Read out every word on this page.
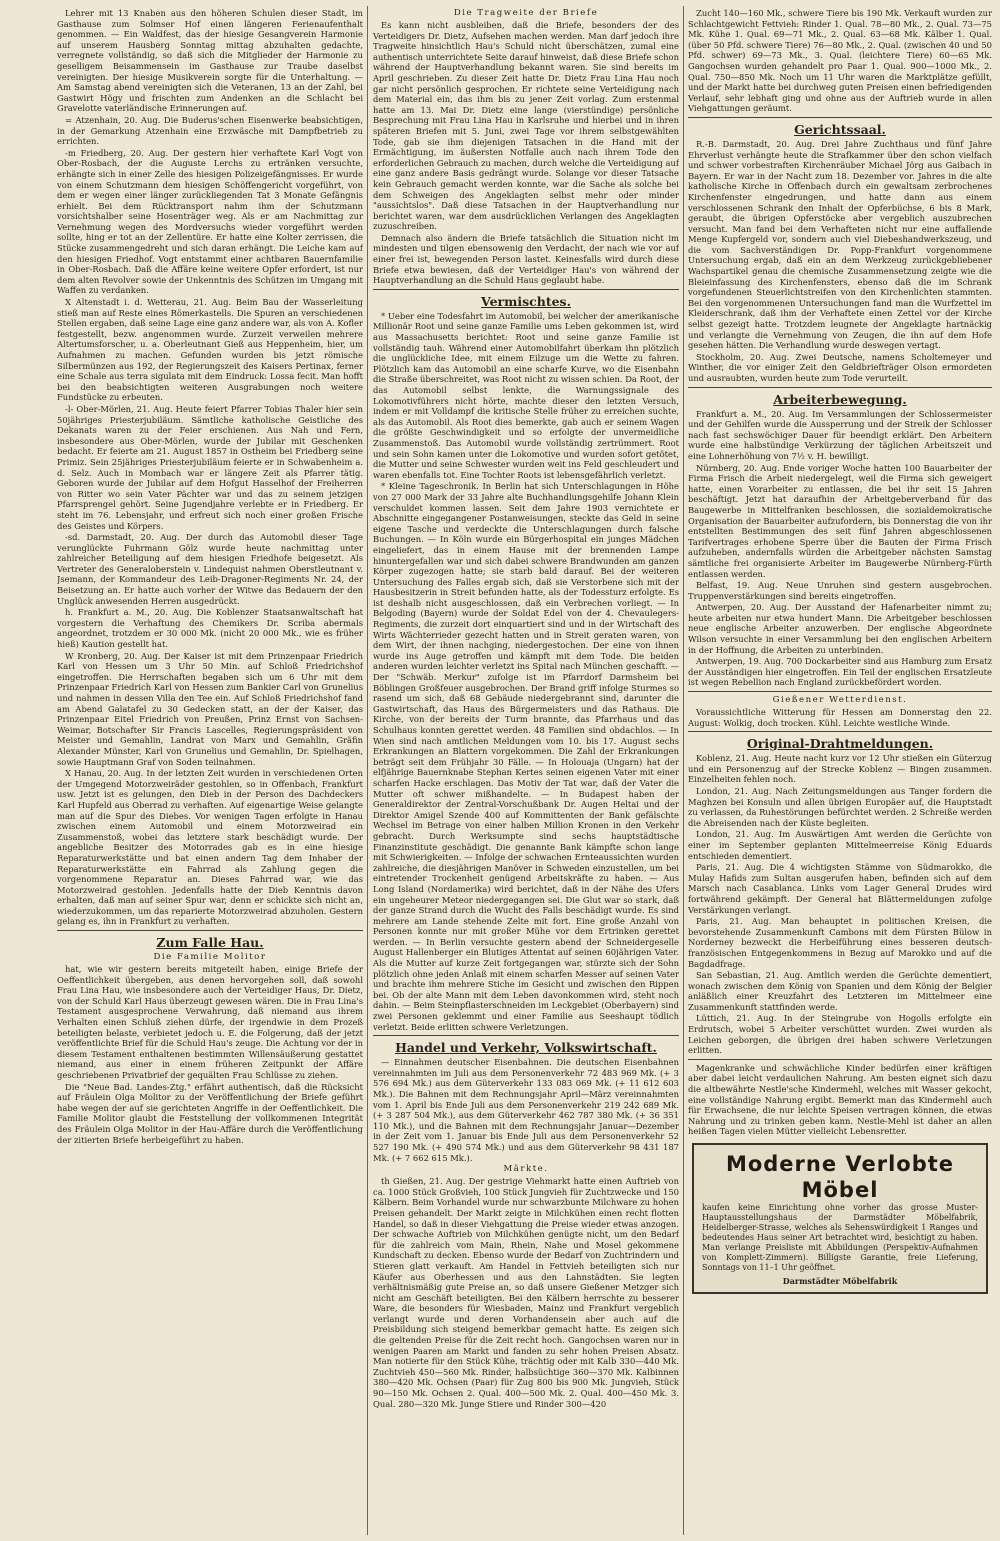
Lehrer mit 13 Knaben aus den höheren Schulen dieser Stadt, im Gasthause zum Solmser Hof einen längeren Ferienaufenthalt genommen. — Ein Waldfest, das der hiesige Gesangverein Harmonie auf unserem Hausberg Sonntag mittag abzuhalten gedachte, verregnete vollständig, so daß sich die Mitglieder der Harmonie zu geselligem Beisammensein im Gasthause zur Traube daselbst vereinigten. Der hiesige Musikverein sorgte für die Unterhaltung. — Am Samstag abend vereinigten sich die Veteranen, 13 an der Zahl, bei Gastwirt Högy und frischten zum Andenken an die Schlacht bei Gravelotte vaterländische Erinnerungen auf.

= Atzenhain, 20. Aug. Die Buderus'schen Eisenwerke beabsichtigen, in der Gemarkung Atzenhain eine Erzwäsche mit Dampfbetrieb zu errichten.

-m Friedberg, 20. Aug. Der gestern hier verhaftete Karl Vogt von Ober-Rosbach, der die Auguste Lerchs zu ertränken versuchte, erhängte sich in einer Zelle des hiesigen Polizeigefängnisses. Er wurde von einem Schutzmann dem hiesigen Schöffengericht vorgeführt, von dem er wegen einer länger zurückliegenden Tat 3 Monate Gefängnis erhielt. Bei dem Rücktransport nahm ihm der Schutzmann vorsichtshalber seine Hosenträger weg. Als er am Nachmittag zur Vernehmung wegen des Mordversuchs wieder vorgeführt werden sollte, hing er tot an der Zellentüre. Er hatte eine Kolter zerrissen, die Stücke zusammengedreht und sich daran erhängt. Die Leiche kam auf den hiesigen Friedhof. Vogt entstammt einer achtbaren Bauernfamilie in Ober-Rosbach. Daß die Affäre keine weitere Opfer erfordert, ist nur dem alten Revolver sowie der Unkenntnis des Schützen im Umgang mit Waffen zu verdanken.

X Altenstadt i. d. Wetterau, 21. Aug. Beim Bau der Wasserleitung stieß man auf Reste eines Römerkastells. Die Spuren an verschiedenen Stellen ergaben, daß seine Lage eine ganz andere war, als von A. Kofler festgestellt, bezw. angenommen wurde. Zurzeit verweilen mehrere Altertumsforscher, u. a. Oberleutnant Gieß aus Heppenheim, hier, um Aufnahmen zu machen. Gefunden wurden bis jetzt römische Silbermünzen aus 192, der Regierungszeit des Kaisers Pertinax, ferner eine Schale aus terra sigulata mit dem Eindruck: Lossa fecit. Man hofft bei den beabsichtigten weiteren Ausgrabungen noch weitere Fundstücke zu erbeuten.

-l- Ober-Mörlen, 21. Aug. Heute feiert Pfarrer Tobias Thaler hier sein 50jähriges Priesterjubiläum. Sämtliche katholische Geistliche des Dekanats waren zu der Feier erschienen. Aus Nah und Fern, insbesondere aus Ober-Mörlen, wurde der Jubilar mit Geschenken bedacht. Er feierte am 21. August 1857 in Ostheim bei Friedberg seine Primiz. Sein 25jähriges Priesterjubiläum feierte er in Schwabenheim a. d. Selz. Auch in Mombach war er längere Zeit als Pfarrer tätig. Geboren wurde der Jubilar auf dem Hofgut Hasselhof der Freiherren von Ritter wo sein Vater Pächter war und das zu seinem jetzigen Pfarrsprengel gehört. Seine Jugendjahre verlebte er in Friedberg. Er steht im 76. Lebensjahr, und erfreut sich noch einer großen Frische des Geistes und Körpers.

-sd. Darmstadt, 20. Aug. Der durch das Automobil dieser Tage verunglückte Fuhrmann Gölz wurde heute nachmittag unter zahlreicher Beteiligung auf dem hiesigen Friedhofe beigesetzt. Als Vertreter des Generaloberstein v. Lindequist nahmen Oberstleutnant v. Jsemann, der Kommandeur des Leib-Dragoner-Regiments Nr. 24, der Beisetzung an. Er hatte auch vorher der Witwe das Bedauern der den Unglück anwesenden Herren ausgedrückt.

h. Frankfurt a. M., 20. Aug. Die Koblenzer Staatsanwaltschaft hat vorgestern die Verhaftung des Chemikers Dr. Scriba abermals angeordnet, trotzdem er 30 000 Mk. (nicht 20 000 Mk., wie es früher hieß) Kaution gestellt hat.

W Kronberg, 20. Aug. Der Kaiser ist mit dem Prinzenpaar Friedrich Karl von Hessen um 3 Uhr 50 Min. auf Schloß Friedrichshof eingetroffen. Die Herrschaften begaben sich um 6 Uhr mit dem Prinzenpaar Friedrich Karl von Hessen zum Bankier Carl von Grunelius und nahmen in dessen Villa den Tee ein. Auf Schloß Friedrichshof fand am Abend Galatafel zu 30 Gedecken statt, an der der Kaiser, das Prinzenpaar Eitel Friedrich von Preußen, Prinz Ernst von Sachsen-Weimar, Botschafter Sir Francis Lascelles, Regierungspräsident von Meister und Gemahlin, Landrat von Marx und Gemahlin, Gräfin Alexander Münster, Karl von Grunelius und Gemahlin, Dr. Spielhagen, sowie Hauptmann Graf von Soden teilnahmen.

X Hanau, 20. Aug. In der letzten Zeit wurden in verschiedenen Orten der Umgegend Motorzweiräder gestohlen, so in Offenbach, Frankfurt usw. Jetzt ist es gelungen, den Dieb in der Person des Dachdeckers Karl Hupfeld aus Oberrad zu verhaften. Auf eigenartige Weise gelangte man auf die Spur des Diebes. Vor wenigen Tagen erfolgte in Hanau zwischen einem Automobil und einem Motorzweirad ein Zusammenstoß, wobei das letztere stark beschädigt wurde. Der angebliche Besitzer des Motorrades gab es in eine hiesige Reparaturwerkstätte und bat einen andern Tag dem Inhaber der Reparaturwerkstätte ein Fahrrad als Zahlung gegen die vorgenommene Reparatur an. Dieses Fahrrad war, wie das Motorzweirad gestohlen. Jedenfalls hatte der Dieb Kenntnis davon erhalten, daß man auf seiner Spur war, denn er schickte sich nicht an, wiederzukommen, um das reparierte Motorzweirad abzuholen. Gestern gelang es, ihn in Frankfurt zu verhaften.

Zum Falle Hau.
Die Familie Molitor

hat, wie wir gestern bereits mitgeteilt haben, einige Briefe der Oeffentlichkeit übergeben, aus denen hervorgehen soll, daß sowohl Frau Lina Hau, wie insbesondere auch der Verteidiger Haus, Dr. Dietz, von der Schuld Karl Haus überzeugt gewesen wären. Die in Frau Lina's Testament ausgesprochene Verwahrung, daß niemand aus ihrem Verhalten einen Schluß ziehen dürfe, der irgendwie in dem Prozeß beteiligten belaste, verbietet jedoch u. E. die Folgerung, daß der jetzt veröffentlichte Brief für die Schuld Hau's zeuge. Die Achtung vor der in diesem Testament enthaltenen bestimmten Willensäußerung gestattet niemand, aus einer in einem früheren Zeitpunkt der Affäre geschriebenen Privatbrief der gequälten Frau Schlüsse zu ziehen.

Die "Neue Bad. Landes-Ztg." erfährt authentisch, daß die Rücksicht auf Fräulein Olga Molitor zu der Veröffentlichung der Briefe geführt habe wegen der auf sie gerichteten Angriffe in der Oeffentlichkeit. Die Familie Molitor glaubt die Feststellung der vollkommenen Integrität des Fräulein Olga Molitor in der Hau-Affäre durch die Veröffentlichung der zitierten Briefe herbeigeführt zu haben.

Die Tragweite der Briefe

Es kann nicht ausbleiben, daß die Briefe, besonders der des Verteidigers Dr. Dietz, Aufsehen machen werden. Man darf jedoch ihre Tragweite hinsichtlich Hau's Schuld nicht überschätzen, zumal eine authentisch unterrichtete Seite darauf hinweist, daß diese Briefe schon während der Hauptverhandlung bekannt waren. Sie sind bereits im April geschrieben. Zu dieser Zeit hatte Dr. Dietz Frau Lina Hau noch gar nicht persönlich gesprochen. Er richtete seine Verteidigung nach dem Material ein, das ihm bis zu jener Zeit vorlag. Zum erstenmal hatte am 13. Mai Dr. Dietz eine lange (vierstündige) persönliche Besprechung mit Frau Lina Hau in Karlsruhe und hierbei und in ihren späteren Briefen mit 5. Juni, zwei Tage vor ihrem selbstgewählten Tode, gab sie ihm diejenigen Tatsachen in die Hand mit der Ermächtigung, im äußersten Notfalle auch nach ihrem Tode den erforderlichen Gebrauch zu machen, durch welche die Verteidigung auf eine ganz andere Basis gedrängt wurde. Solange vor dieser Tatsache kein Gebrauch gemacht werden konnte, war die Sache als solche bei dem Schweigen des Angeklagten selbst mehr oder minder "aussichtslos". Daß diese Tatsachen in der Hauptverhandlung nur berichtet waren, war dem ausdrücklichen Verlangen des Angeklagten zuzuschreiben.

Demnach also ändern die Briefe tatsächlich die Situation nicht im mindesten und tilgen ebensowenig den Verdacht, der nach wie vor auf einer frei ist, bewegenden Person lastet. Keinesfalls wird durch diese Briefe etwa bewiesen, daß der Verteidiger Hau's von während der Hauptverhandlung an die Schuld Haus geglaubt habe.

Vermischtes.

* Ueber eine Todesfahrt im Automobil, bei welcher der amerikanische Millionär Root und seine ganze Familie ums Leben gekommen ist, wird aus Massachusetts berichtet: Root und seine ganze Familie ist vollständig tauh. Während einer Automobilfahrt überkam ihn plötzlich die unglückliche Idee, mit einem Eilzuge um die Wette zu fahren. Plötzlich kam das Automobil an eine scharfe Kurve, wo die Eisenbahn die Straße überschreitet, was Root nicht zu wissen schien. Da Root, der das Automobil selbst lenkte, die Warnungssignale des Lokomotivführers nicht hörte, machte dieser den letzten Versuch, indem er mit Volldampf die kritische Stelle früher zu erreichen suchte, als das Automobil. Als Root dies bemerkte, gab auch er seinem Wagen die größte Geschwindigkeit und so erfolgte der unvermeidliche Zusammenstoß. Das Automobil wurde vollständig zertrümmert. Root und sein Sohn kamen unter die Lokomotive und wurden sofort getötet, die Mutter und seine Schwester wurden weit ins Feld geschleudert und waren ebenfalls tot. Eine Tochter Roots ist lebensgefährlich verletzt.

* Kleine Tageschronik. In Berlin hat sich Unterschlagungen in Höhe von 27 000 Mark der 33 Jahre alte Buchhandlungsgehilfe Johann Klein verschuldet kommen lassen. Seit dem Jahre 1903 vernichtete er Abschnitte eingegangener Postanweisungen, steckte das Geld in seine eigene Tasche und verdeckte die Unterschlagungen durch falsche Buchungen. — In Köln wurde ein Bürgerhospital ein junges Mädchen eingeliefert, das in einem Hause mit der brennenden Lampe hinuntergefallen war und sich dabei schwere Brandwunden am ganzen Körper zugezogen hatte; sie starb bald darauf. Bei der weiteren Untersuchung des Falles ergab sich, daß sie Verstorbene sich mit der Hausbesitzerin in Streit befunden hatte, als der Todessturz erfolgte. Es ist deshalb nicht ausgeschlossen, daß ein Verbrechen vorliegt. — In Belgoding (Bayern) wurde der Soldat Edel von der 4. Chevaulegers-Regiments, die zurzeit dort einquartiert sind und in der Wirtschaft des Wirts Wächterrieder gezecht hatten und in Streit geraten waren, von dem Wirt, der ihnen nachging, niedergestochen. Der eine von ihnen wurde ins Auge getroffen und kämpft mit dem Tode. Die beiden anderen wurden leichter verletzt ins Spital nach München geschafft. — Der "Schwäb. Merkur" zufolge ist im Pfarrdorf Darmsheim bei Böblingen Großfeuer ausgebrochen. Der Brand griff infolge Sturmes so rasend um sich, daß 68 Gebäude niedergebrannt sind, darunter die Gastwirtschaft, das Haus des Bürgermeisters und das Rathaus. Die Kirche, von der bereits der Turm brannte, das Pfarrhaus und das Schulhaus konnten gerettet werden. 48 Familien sind obdachlos. — In Wien sind nach amtlichen Meldungen vom 10. bis 17. August sechs Erkrankungen an Blattern vorgekommen. Die Zahl der Erkrankungen beträgt seit dem Frühjahr 30 Fälle. — In Holouaja (Ungarn) hat der elfjährige Bauernknabe Stephan Kertes seinen eigenen Vater mit einer scharfen Hacke erschlagen. Das Motiv der Tat war, daß der Vater die Mutter oft schwer mißhandelte. — In Budapest haben der Generaldirektor der Zentral-Vorschußbank Dr. Augen Heltai und der Direktor Amigel Szende 400 auf Kommittenten der Bank gefälschte Wechsel im Betrage von einer halben Million Kronen in den Verkehr gebracht. Durch Werksumpte sind sechs hauptstädtische Finanzinstitute geschädigt. Die genannte Bank kämpfte schon lange mit Schwierigkeiten. — Infolge der schwachen Ernteaussichten wurden zahlreiche, die diesjährigen Manöver in Schweden einzustellen, um bei eintretender Trockenheit genügend Arbeitskräfte zu haben. — Aus Long Island (Nordamerika) wird berichtet, daß in der Nähe des Ufers ein ungeheurer Meteor niedergegangen sei. Die Glut war so stark, daß der ganze Strand durch die Wucht des Falls beschädigt wurde. Es sind mehrere am Lande stehende Zelte mit fort. Eine große Anzahl von Personen konnte nur mit großer Mühe vor dem Ertrinken gerettet werden. — In Berlin versuchte gestern abend der Schneidergeselle August Hallenberger ein Blutiges Attentat auf seinen 60jährigen Vater. Als die Mutter auf kurze Zeit fortgegangen war, stürzte sich der Sohn plötzlich ohne jeden Anlaß mit einem scharfen Messer auf seinen Vater und brachte ihm mehrere Stiche im Gesicht und zwischen den Rippen bei. Ob der alte Mann mit dem Leben davonkommen wird, steht noch dahin. — Beim Steinpflasterschneiden im Leckgebiet (Oberbayern) sind zwei Personen geklemmt und einer Familie aus Seeshaupt tödlich verletzt. Beide erlitten schwere Verletzungen.

Handel und Verkehr, Volkswirtschaft.

— Einnahmen deutscher Eisenbahnen. Die deutschen Eisenbahnen vereinnahmten im Juli aus dem Personenverkehr 72 483 969 Mk. (+ 3 576 694 Mk.) aus dem Güterverkehr 133 083 069 Mk. (+ 11 612 603 Mk.). Die Bahnen mit dem Rechnungsjahr April—März vereinnahmten vom 1. April bis Ende Juli aus dem Personenverkehr 219 242 689 Mk. (+ 3 287 504 Mk.), aus dem Güterverkehr 462 787 380 Mk. (+ 36 351 110 Mk.), und die Bahnen mit dem Rechnungsjahr Januar—Dezember in der Zeit vom 1. Januar bis Ende Juli aus dem Personenverkehr 52 527 190 Mk. (+ 490 574 Mk.) und aus dem Güterverkehr 98 431 187 Mk. (+ 7 662 615 Mk.).

Märkte.

th Gießen, 21. Aug. Der gestrige Viehmarkt hatte einen Auftrieb von ca. 1000 Stück Großvieh, 100 Stück Jungvieh für Zuchtzwecke und 150 Kälbern. Beim Vorhandel wurde nur schwarzbunte Milchware zu hohen Preisen gehandelt. Der Markt zeigte in Milchkühen einen recht flotten Handel, so daß in dieser Viehgattung die Preise wieder etwas anzogen. Der schwache Auftrieb von Milchkühen genügte nicht, um den Bedarf für die zahlreich vom Main, Rhein, Nahe und Mosel gekommene Kundschaft zu decken. Ebenso wurde der Bedarf von Zuchtrindern und Stieren glatt verkauft. Am Handel in Fettvieh beteiligten sich nur Käufer aus Oberhessen und aus den Lahnstädten. Sie legten verhältnismäßig gute Preise an, so daß unsere Gießener Metzger sich nicht am Geschäft beteiligten. Bei den Kälbern herrschte zu besserer Ware, die besonders für Wiesbaden, Mainz und Frankfurt vergeblich verlangt wurde und deren Vorhandensein aber auch auf die Preisbildung sich steigend bemerkbar gemacht hatte. Es zeigen sich die geltenden Preise für die Zeit recht hoch. Gangochsen waren nur in wenigen Paaren am Markt und fanden zu sehr hohen Preisen Absatz. Man notierte für den Stück Kühe, trächtig oder mit Kalb 330—440 Mk. Zuchtvieh 450—560 Mk. Rinder, halbsüchtige 360—370 Mk. Kalbinnen 380—420 Mk. Ochsen (Paar) für Zug 800 bis 900 Mk. Jungvieh, Stück 90—150 Mk. Ochsen 2. Qual. 400—500 Mk. 2. Qual. 400—450 Mk. 3. Qual. 280—320 Mk. Junge Stiere und Rinder 300—420

Zucht 140—160 Mk., schwere Tiere bis 190 Mk. Verkauft wurden zur Schlachtgewicht Fettvieh: Rinder 1. Qual. 78—80 Mk., 2. Qual. 73—75 Mk. Kühe 1. Qual. 69—71 Mk., 2. Qual. 63—68 Mk. Kälber 1. Qual. (über 50 Pfd. schwere Tiere) 76—80 Mk., 2. Qual. (zwischen 40 und 50 Pfd. schwer) 69—73 Mk., 3. Qual. (leichtere Tiere) 60—65 Mk. Gangochsen wurden gehandelt pro Paar 1. Qual. 900—1000 Mk., 2. Qual. 750—850 Mk. Noch um 11 Uhr waren die Marktplätze gefüllt, und der Markt hatte bei durchweg guten Preisen einen befriedigenden Verlauf, sehr lebhaft ging und ohne aus der Auftrieb wurde in allen Viehgattungen geräumt.

Gerichtssaal.

R.-B. Darmstadt, 20. Aug. Drei Jahre Zuchthaus und fünf Jahre Ehrverlust verhängte heute die Strafkammer über den schon vielfach und schwer vorbestraften Kirchenräuber Michael Jörg aus Gaibach in Bayern. Er war in der Nacht zum 18. Dezember vor. Jahres in die alte katholische Kirche in Offenbach durch ein gewaltsam zerbrochenes Kirchenfenster eingedrungen, und hatte dann aus einem verschlossenen Schrank den Inhalt der Opferbüchse, 6 bis 8 Mark, geraubt, die übrigen Opferstöcke aber vergeblich auszubrechen versucht. Man fand bei dem Verhafteten nicht nur eine auffallende Menge Kupfergeld vor, sondern auch viel Diebeshandwerkszeug, und die vom Sachverständigen Dr. Popp-Frankfurt vorgenommene Untersuchung ergab, daß ein an dem Werkzeug zurückgebliebener Wachspartikel genau die chemische Zusammensetzung zeigte wie die Bleieinfassung des Kirchenfensters, ebenso daß die im Schrank vorgefundenen Steuerlichtstreifen von den Kirchenlichten stammten. Bei den vorgenommenen Untersuchungen fand man die Wurfzettel im Kleiderschrank, daß ihm der Verhaftete einen Zettel vor der Kirche selbst gezeigt hatte. Trotzdem leugnete der Angeklagte hartnäckig und verlangte die Vernehmung von Zeugen, die ihn auf dem Hofe gesehen hätten. Die Verhandlung wurde deswegen vertagt.

Stockholm, 20. Aug. Zwei Deutsche, namens Scholtemeyer und Winther, die vor einiger Zeit den Geldbriefträger Olson ermordeten und ausraubten, wurden heute zum Tode verurteilt.

Arbeiterbewegung.

Frankfurt a. M., 20. Aug. Im Versammlungen der Schlossermeister und der Gehilfen wurde die Aussperrung und der Streik der Schlosser nach fast sechswöchiger Dauer für beendigt erklärt. Den Arbeitern wurde eine halbstündige Verkürzung der täglichen Arbeitszeit und eine Lohnerhöhung von 7½ v. H. bewilligt.

Nürnberg, 20. Aug. Ende voriger Woche hatten 100 Bauarbeiter der Firma Frisch die Arbeit niedergelegt, weil die Firma sich geweigert hatte, einen Vorarbeiter zu entlassen, die bei ihr seit 15 Jahren beschäftigt. Jetzt hat daraufhin der Arbeitgeberverband für das Baugewerbe in Mittelfranken beschlossen, die sozialdemokratische Organisation der Bauarbeiter aufzufordern, bis Donnerstag die von ihr entstellten Bestimmungen des seit fünf Jahren abgeschlossenen Tarifvertrages erhobene Sperre über die Bauten der Firma Frisch aufzuheben, andernfalls würden die Arbeitgeber nächsten Samstag sämtliche frei organisierte Arbeiter im Baugewerbe Nürnberg-Fürth entlassen werden.

Belfast, 19. Aug. Neue Unruhen sind gestern ausgebrochen. Truppenverstärkungen sind bereits eingetroffen.

Antwerpen, 20. Aug. Der Ausstand der Hafenarbeiter nimmt zu; heute arbeiten nur etwa hundert Mann. Die Arbeitgeber beschlossen neue englische Arbeiter anzuwerben. Der englische Abgeordnete Wilson versuchte in einer Versammlung bei den englischen Arbeitern in der Hoffnung, die Arbeiten zu unterbinden.

Antwerpen, 19. Aug. 700 Dockarbeiter sind aus Hamburg zum Ersatz der Ausständigen hier eingetroffen. Ein Teil der englischen Ersatzleute ist wegen Rebellion nach England zurückbefördert worden.

Gießener Wetterdienst.

Voraussichtliche Witterung für Hessen am Donnerstag den 22. August: Wolkig, doch trocken. Kühl. Leichte westliche Winde.

Original-Drahtmeldungen.

Koblenz, 21. Aug. Heute nacht kurz vor 12 Uhr stießen ein Güterzug und ein Personenzug auf der Strecke Koblenz — Bingen zusammen. Einzelheiten fehlen noch.

London, 21. Aug. Nach Zeitungsmeldungen aus Tanger fordern die Maghzen bei Konsuln und allen übrigen Europäer auf, die Hauptstadt zu verlassen, da Ruhestörungen befürchtet werden. 2 Schreiße werden die Abreisenden nach der Küste begleiten.

London, 21. Aug. Im Auswärtigen Amt werden die Gerüchte von einer im September geplanten Mittelmeerreise König Eduards entschieden dementiert.

Paris, 21. Aug. Die 4 wichtigsten Stämme von Südmarokko, die Mulay Hafids zum Sultan ausgerufen haben, befinden sich auf dem Marsch nach Casablanca. Links vom Lager General Drudes wird fortwährend gekämpft. Der General hat Blättermeldungen zufolge Verstärkungen verlangt.

Paris, 21. Aug. Man behauptet in politischen Kreisen, die bevorstehende Zusammenkunft Cambons mit dem Fürsten Bülow in Norderney bezweckt die Herbeiführung eines besseren deutsch-französischen Entgegenkommens in Bezug auf Marokko und auf die Bagdadfrage.

San Sebastian, 21. Aug. Amtlich werden die Gerüchte dementiert, wonach zwischen dem König von Spanien und dem König der Belgier anläßlich einer Kreuzfahrt des Letzteren im Mittelmeer eine Zusammenkunft stattfinden werde.

Lüttich, 21. Aug. In der Steingrube von Hogolls erfolgte ein Erdrutsch, wobei 5 Arbeiter verschüttet wurden. Zwei wurden als Leichen geborgen, die übrigen drei haben schwere Verletzungen erlitten.

Magenkranke und schwächliche Kinder bedürfen einer kräftigen aber dabei leicht verdaulichen Nahrung. Am besten eignet sich dazu die altbewährte Nestle'sche Kindermehl, welches mit Wasser gekocht, eine vollständige Nahrung ergibt. Bemerkt man das Kindermehl auch für Erwachsene, die nur leichte Speisen vertragen können, die etwas Nahrung und zu trinken geben kann. Nestle-Mehl ist daher an allen heißen Tagen vielen Mütter vielleicht Lebensretter.

Moderne Verlobte Möbel
kaufen keine Einrichtung ohne vorher das grosse Muster-Hauptausstellungshaus der Darmstädter Möbelfabrik, Heidelberger-Strasse, welches als Sehenswürdigkeit 1 Ranges und bedeutendes Haus seiner Art betrachtet wird, besichtigt zu haben. Man verlange Preisliste mit Abbildungen (Perspektiv-Aufnahmen von Komplett-Zimmern). Billigste Garantie, freie Lieferung, Sonntags von 11–1 Uhr geöffnet.
Darmstädter Möbelfabrik
